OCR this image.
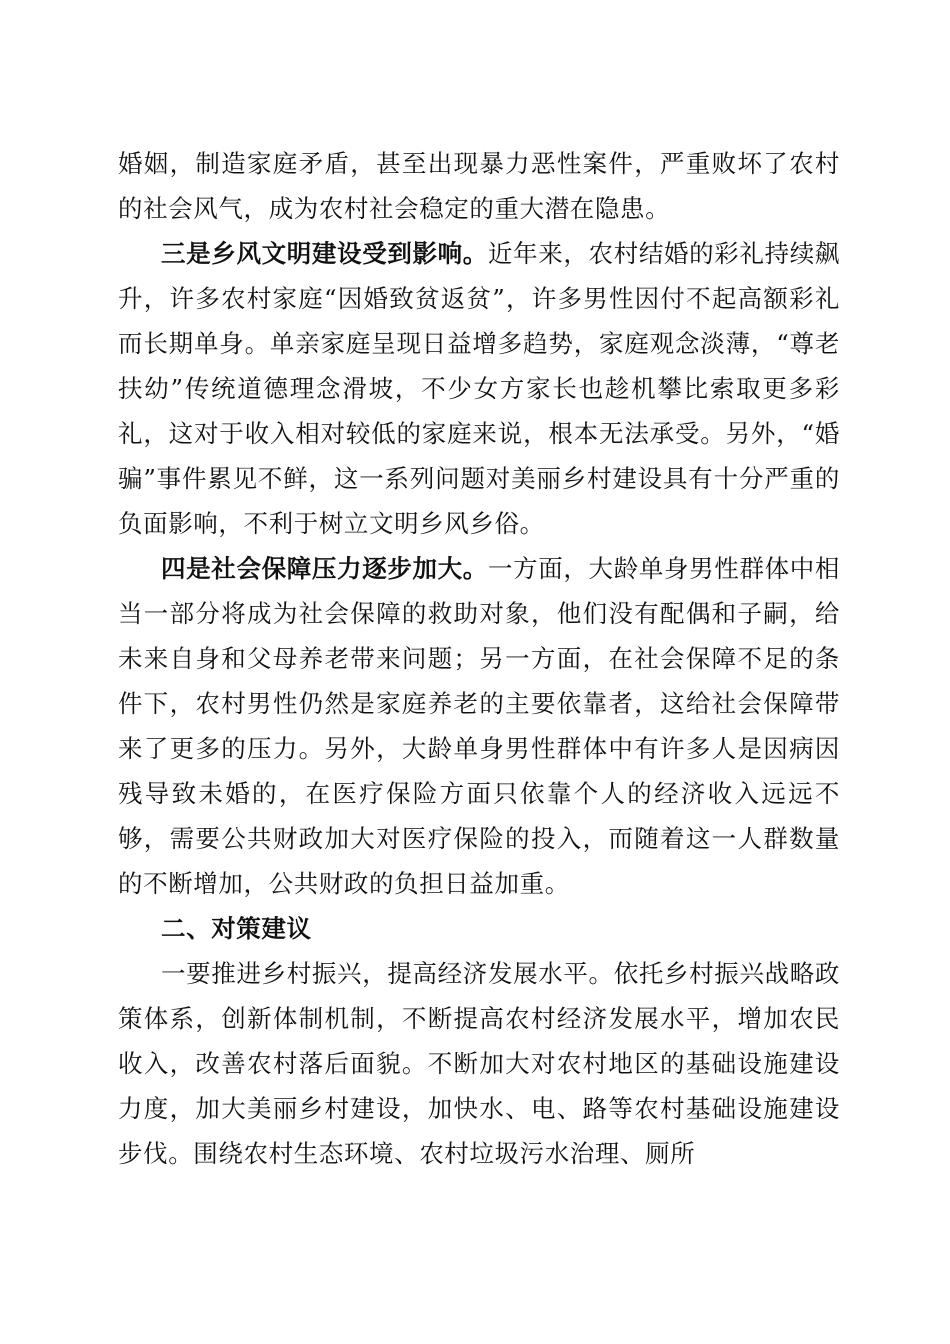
婚姻，制造家庭矛盾，甚至出现暴力恶性案件，严重败坏了农村的社会风气，成为农村社会稳定的重大潜在隐患。

三是乡风文明建设受到影响。近年来，农村结婚的彩礼持续飙升，许多农村家庭“因婚致贫返贫”，许多男性因付不起高额彩礼而长期单身。单亲家庭呈现日益增多趋势，家庭观念淡薄，“尊老扶幼”传统道德理念滑坡，不少女方家长也趁机攀比索取更多彩礼，这对于收入相对较低的家庭来说，根本无法承受。另外，“婚骗”事件累见不鲜，这一系列问题对美丽乡村建设具有十分严重的负面影响，不利于树立文明乡风乡俗。

四是社会保障压力逐步加大。一方面，大龄单身男性群体中相当一部分将成为社会保障的救助对象，他们没有配偶和子嗣，给未来自身和父母养老带来问题；另一方面，在社会保障不足的条件下，农村男性仍然是家庭养老的主要依靠者，这给社会保障带来了更多的压力。另外，大龄单身男性群体中有许多人是因病因残导致未婚的，在医疗保险方面只依靠个人的经济收入远远不够，需要公共财政加大对医疗保险的投入，而随着这一人群数量的不断增加，公共财政的负担日益加重。

二、对策建议

一要推进乡村振兴，提高经济发展水平。依托乡村振兴战略政策体系，创新体制机制，不断提高农村经济发展水平，增加农民收入，改善农村落后面貌。不断加大对农村地区的基础设施建设力度，加大美丽乡村建设，加快水、电、路等农村基础设施建设步伐。围绕农村生态环境、农村垃圾污水治理、厕所
